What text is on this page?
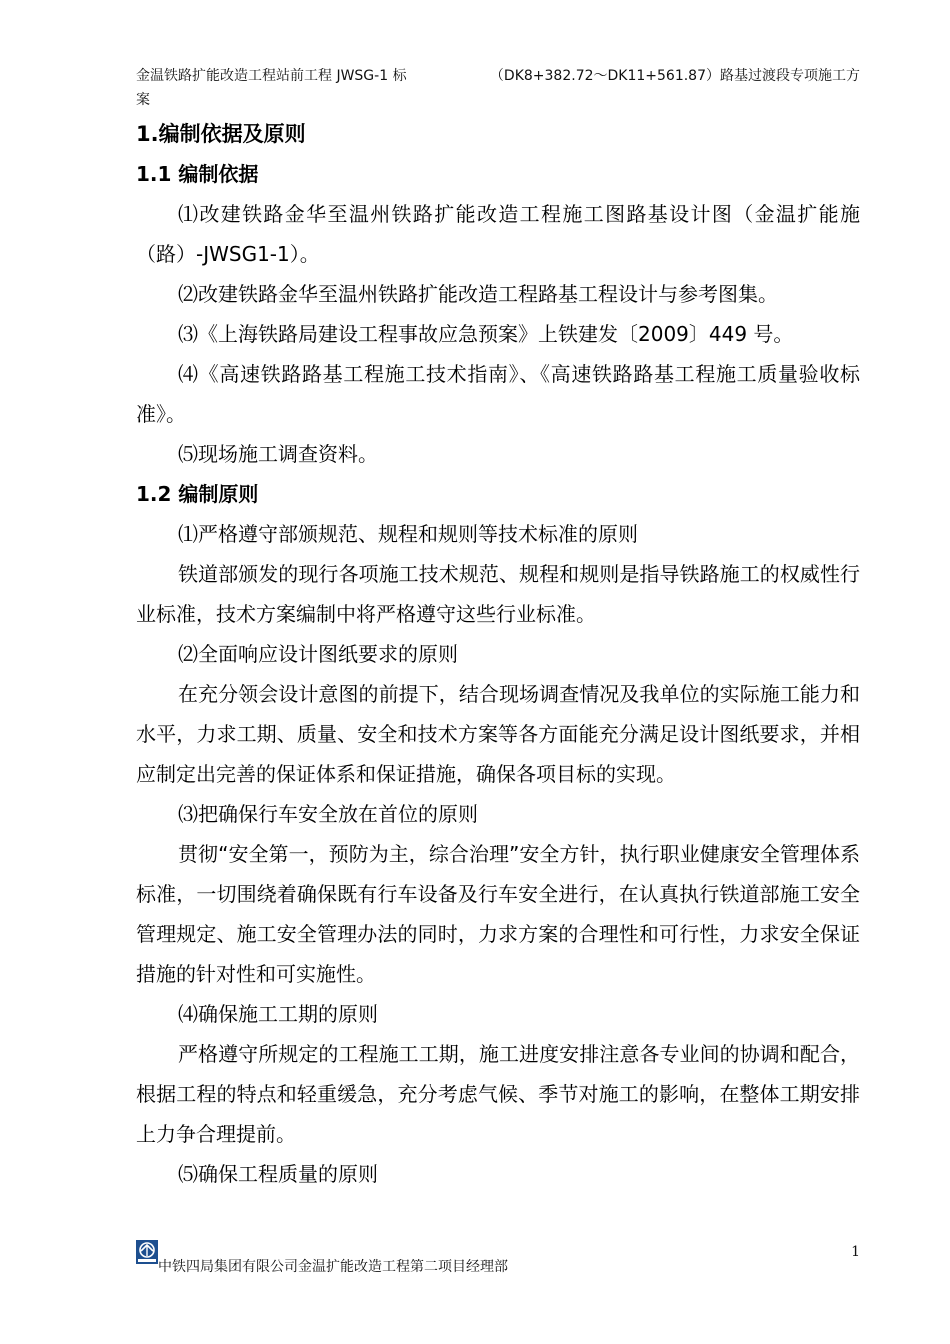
金温铁路扩能改造工程站前工程 JWSG-1 标	（DK8+382.72～DK11+561.87）路基过渡段专项施工方
案
1.编制依据及原则
1.1 编制依据

⑴改建铁路金华至温州铁路扩能改造工程施工图路基设计图（金温扩能施（路）-JWSG1-1）。

⑵改建铁路金华至温州铁路扩能改造工程路基工程设计与参考图集。

⑶《上海铁路局建设工程事故应急预案》上铁建发〔2009〕449 号。

⑷《高速铁路路基工程施工技术指南》、《高速铁路路基工程施工质量验收标准》。

⑸现场施工调查资料。

1.2 编制原则

⑴严格遵守部颁规范、规程和规则等技术标准的原则

铁道部颁发的现行各项施工技术规范、规程和规则是指导铁路施工的权威性行业标准，技术方案编制中将严格遵守这些行业标准。

⑵全面响应设计图纸要求的原则

在充分领会设计意图的前提下，结合现场调查情况及我单位的实际施工能力和水平，力求工期、质量、安全和技术方案等各方面能充分满足设计图纸要求，并相应制定出完善的保证体系和保证措施，确保各项目标的实现。

⑶把确保行车安全放在首位的原则

贯彻“安全第一，预防为主，综合治理”安全方针，执行职业健康安全管理体系标准，一切围绕着确保既有行车设备及行车安全进行，在认真执行铁道部施工安全管理规定、施工安全管理办法的同时，力求方案的合理性和可行性，力求安全保证措施的针对性和可实施性。

⑷确保施工工期的原则

严格遵守所规定的工程施工工期，施工进度安排注意各专业间的协调和配合，根据工程的特点和轻重缓急，充分考虑气候、季节对施工的影响，在整体工期安排上力争合理提前。

⑸确保工程质量的原则

中铁四局集团有限公司金温扩能改造工程第二项目经理部
1
